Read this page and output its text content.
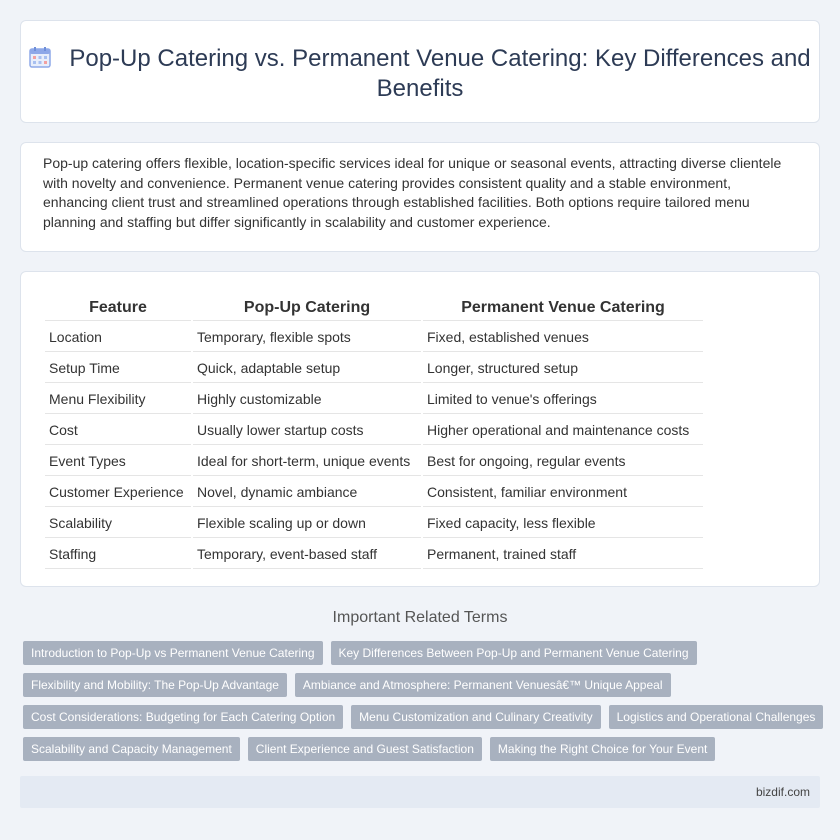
Pop-Up Catering vs. Permanent Venue Catering: Key Differences and Benefits

Pop-up catering offers flexible, location-specific services ideal for unique or seasonal events, attracting diverse clientele with novelty and convenience. Permanent venue catering provides consistent quality and a stable environment, enhancing client trust and streamlined operations through established facilities. Both options require tailored menu planning and staffing but differ significantly in scalability and customer experience.

Feature	Pop-Up Catering	Permanent Venue Catering
Location	Temporary, flexible spots	Fixed, established venues
Setup Time	Quick, adaptable setup	Longer, structured setup
Menu Flexibility	Highly customizable	Limited to venue's offerings
Cost	Usually lower startup costs	Higher operational and maintenance costs
Event Types	Ideal for short-term, unique events	Best for ongoing, regular events
Customer Experience	Novel, dynamic ambiance	Consistent, familiar environment
Scalability	Flexible scaling up or down	Fixed capacity, less flexible
Staffing	Temporary, event-based staff	Permanent, trained staff
Important Related Terms
Introduction to Pop-Up vs Permanent Venue Catering	Key Differences Between Pop-Up and Permanent Venue Catering
Flexibility and Mobility: The Pop-Up Advantage	Ambiance and Atmosphere: Permanent Venuesâ€™ Unique Appeal
Cost Considerations: Budgeting for Each Catering Option	Menu Customization and Culinary Creativity	Logistics and Operational Challenges
Scalability and Capacity Management	Client Experience and Guest Satisfaction	Making the Right Choice for Your Event
bizdif.com
